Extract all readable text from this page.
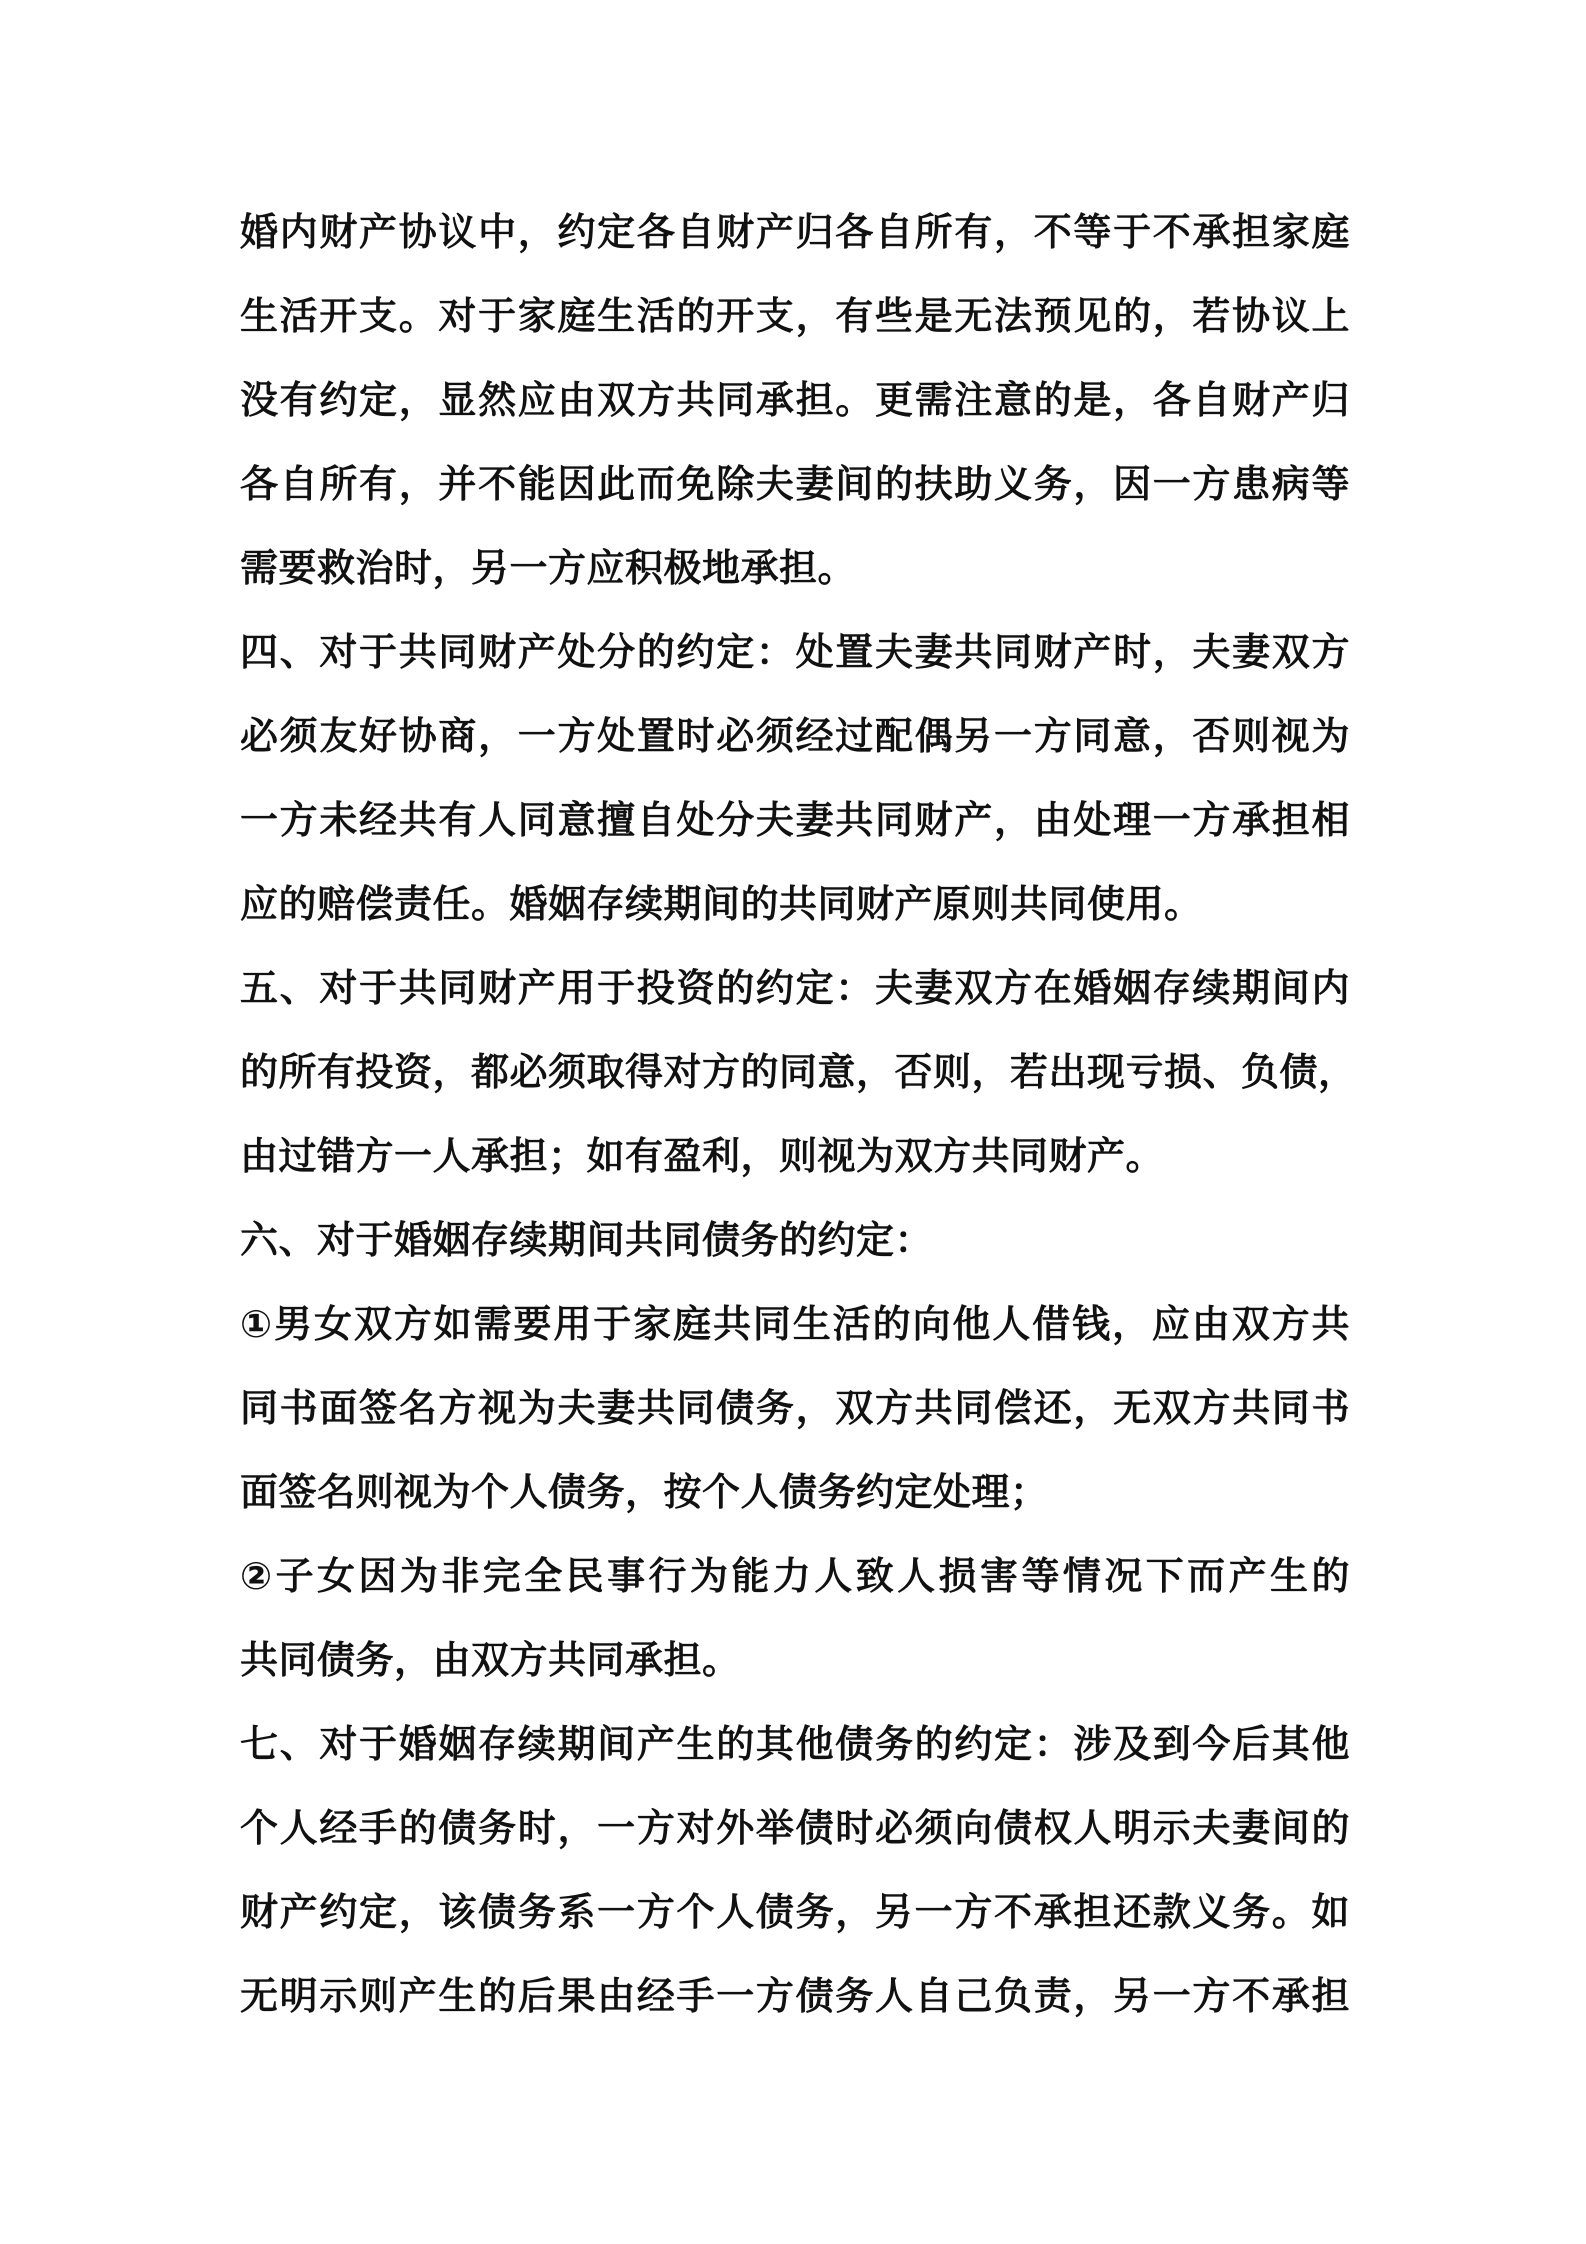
婚内财产协议中，约定各自财产归各自所有，不等于不承担家庭
生活开支。对于家庭生活的开支，有些是无法预见的，若协议上
没有约定，显然应由双方共同承担。更需注意的是，各自财产归
各自所有，并不能因此而免除夫妻间的扶助义务，因一方患病等
需要救治时，另一方应积极地承担。
四、对于共同财产处分的约定：处置夫妻共同财产时，夫妻双方
必须友好协商，一方处置时必须经过配偶另一方同意，否则视为
一方未经共有人同意擅自处分夫妻共同财产，由处理一方承担相
应的赔偿责任。婚姻存续期间的共同财产原则共同使用。
五、对于共同财产用于投资的约定：夫妻双方在婚姻存续期间内
的所有投资，都必须取得对方的同意，否则，若出现亏损、负债，
由过错方一人承担；如有盈利，则视为双方共同财产。
六、对于婚姻存续期间共同债务的约定：
①男女双方如需要用于家庭共同生活的向他人借钱，应由双方共
同书面签名方视为夫妻共同债务，双方共同偿还，无双方共同书
面签名则视为个人债务，按个人债务约定处理；
②子女因为非完全民事行为能力人致人损害等情况下而产生的
共同债务，由双方共同承担。
七、对于婚姻存续期间产生的其他债务的约定：涉及到今后其他
个人经手的债务时，一方对外举债时必须向债权人明示夫妻间的
财产约定，该债务系一方个人债务，另一方不承担还款义务。如
无明示则产生的后果由经手一方债务人自己负责，另一方不承担
